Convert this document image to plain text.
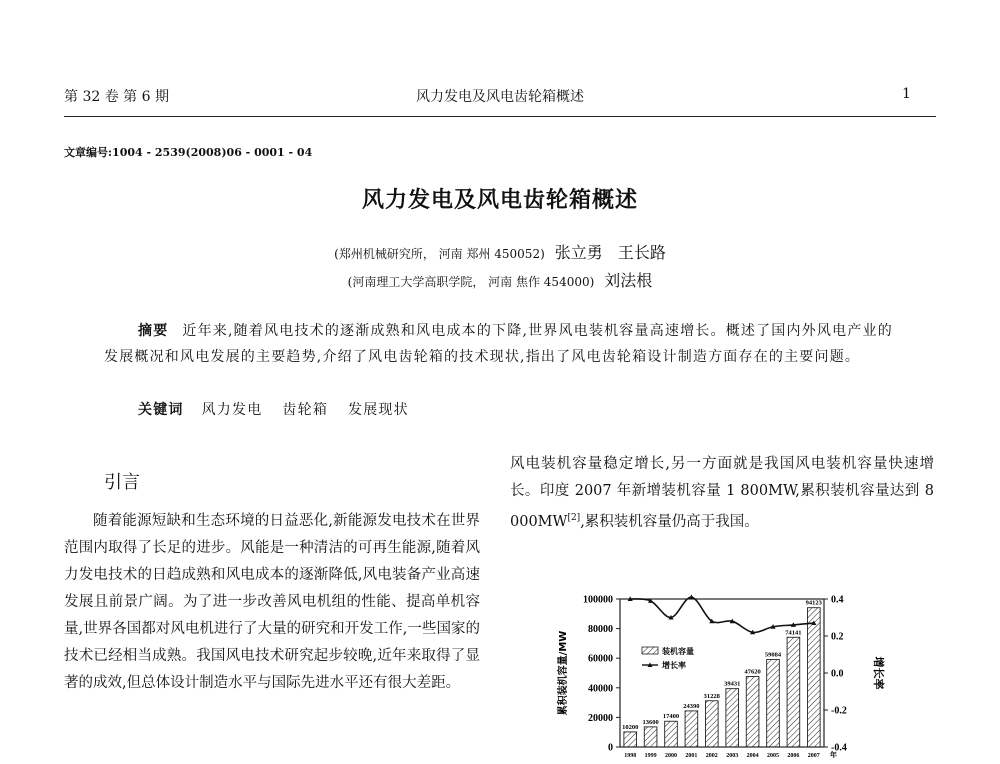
第 32 卷 第 6 期	风力发电及风电齿轮箱概述	1
文章编号:1004 - 2539(2008)06 - 0001 - 04
风力发电及风电齿轮箱概述
(郑州机械研究所， 河南 郑州 450052) 张立勇 王长路
(河南理工大学高职学院， 河南 焦作 454000) 刘法根
摘要 近年来,随着风电技术的逐渐成熟和风电成本的下降,世界风电装机容量高速增长。概述了国内外风电产业的发展概况和风电发展的主要趋势,介绍了风电齿轮箱的技术现状,指出了风电齿轮箱设计制造方面存在的主要问题。
关键词 风力发电 齿轮箱 发展现状
引言

随着能源短缺和生态环境的日益恶化,新能源发电技术在世界范围内取得了长足的进步。风能是一种清洁的可再生能源,随着风力发电技术的日趋成熟和风电成本的逐渐降低,风电装备产业高速发展且前景广阔。为了进一步改善风电机组的性能、提高单机容量,世界各国都对风电机进行了大量的研究和开发工作,一些国家的技术已经相当成熟。我国风电技术研究起步较晚,近年来取得了显著的成效,但总体设计制造水平与国际先进水平还有很大差距。

风电装机容量稳定增长,另一方面就是我国风电装机容量快速增长。印度 2007 年新增装机容量 1 800MW,累积装机容量达到 8 000MW[2],累积装机容量仍高于我国。

0
20000
40000
60000
80000
100000
-0.4
-0.2
0.0
0.2
0.4
累积装机容量/MW	增长率
10200
1998
13600
1999
17400
2000
24390
2001
31228
2002
39431
2003
47620
2004
59084
2005
74141
2006
94123
2007 年
装机容量
增长率
